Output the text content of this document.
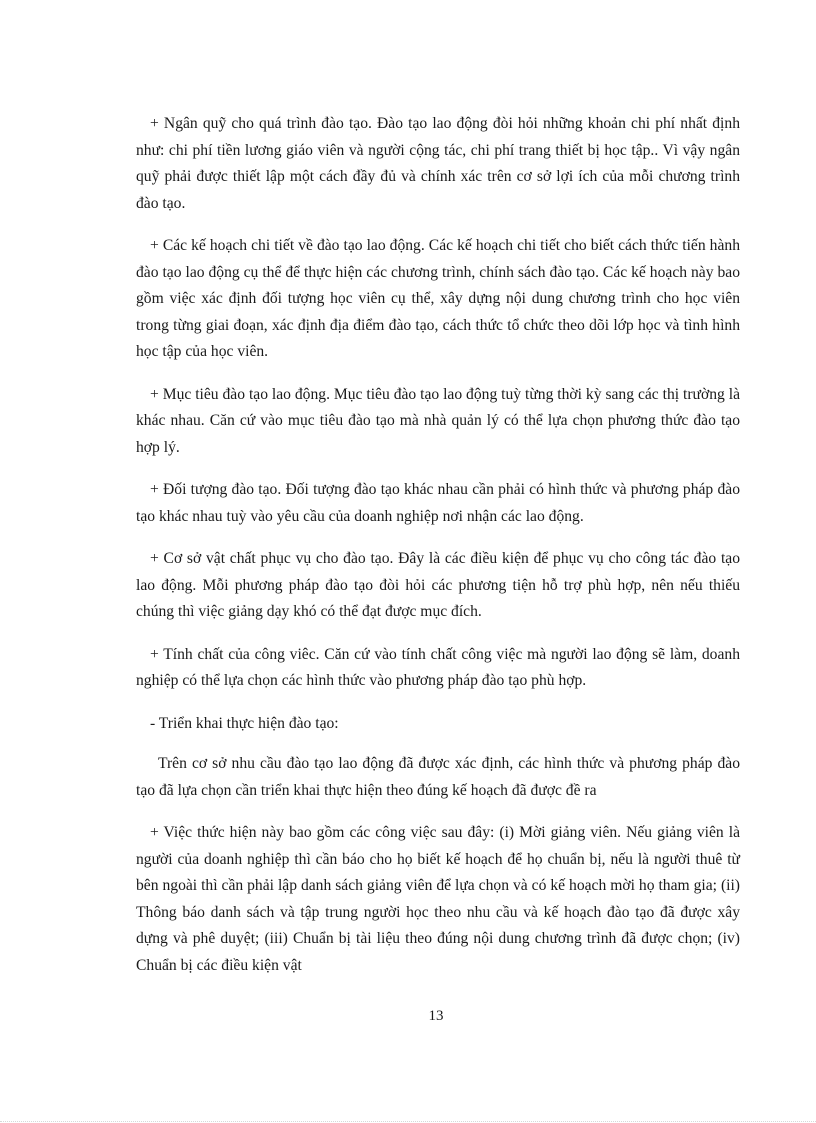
+ Ngân quỹ cho quá trình đào tạo. Đào tạo lao động đòi hỏi những khoản chi phí nhất định như: chi phí tiền lương giáo viên và người cộng tác, chi phí trang thiết bị học tập.. Vì vậy ngân quỹ phải được thiết lập một cách đầy đủ và chính xác trên cơ sở lợi ích của mỗi chương trình đào tạo.

+ Các kế hoạch chi tiết về đào tạo lao động. Các kế hoạch chi tiết cho biết cách thức tiến hành đào tạo lao động cụ thể để thực hiện các chương trình, chính sách đào tạo. Các kế hoạch này bao gồm việc xác định đối tượng học viên cụ thể, xây dựng nội dung chương trình cho học viên trong từng giai đoạn, xác định địa điểm đào tạo, cách thức tổ chức theo dõi lớp học và tình hình học tập của học viên.

+ Mục tiêu đào tạo lao động. Mục tiêu đào tạo lao động tuỳ từng thời kỳ sang các thị trường là khác nhau. Căn cứ vào mục tiêu đào tạo mà nhà quản lý có thể lựa chọn phương thức đào tạo hợp lý.

+ Đối tượng đào tạo. Đối tượng đào tạo khác nhau cần phải có hình thức và phương pháp đào tạo khác nhau tuỳ vào yêu cầu của doanh nghiệp nơi nhận các lao động.

+ Cơ sở vật chất phục vụ cho đào tạo. Đây là các điều kiện để phục vụ cho công tác đào tạo lao động. Mỗi phương pháp đào tạo đòi hỏi các phương tiện hỗ trợ phù hợp, nên nếu thiếu chúng thì việc giảng dạy khó có thể đạt được mục đích.

+ Tính chất của công viêc. Căn cứ vào tính chất công việc mà người lao động sẽ làm, doanh nghiệp có thể lựa chọn các hình thức vào phương pháp đào tạo phù hợp.

- Triển khai thực hiện đào tạo:

Trên cơ sở nhu cầu đào tạo lao động đã được xác định, các hình thức và phương pháp đào tạo đã lựa chọn cần triển khai thực hiện theo đúng kế hoạch đã được đề ra

+ Việc thức hiện này bao gồm các công việc sau đây: (i) Mời giảng viên. Nếu giảng viên là người của doanh nghiệp thì cần báo cho họ biết kế hoạch để họ chuẩn bị, nếu là người thuê từ bên ngoài thì cần phải lập danh sách giảng viên để lựa chọn và có kế hoạch mời họ tham gia; (ii) Thông báo danh sách và tập trung người học theo nhu cầu và kế hoạch đào tạo đã được xây dựng và phê duyệt; (iii) Chuẩn bị tài liệu theo đúng nội dung chương trình đã được chọn; (iv) Chuẩn bị các điều kiện vật

13
